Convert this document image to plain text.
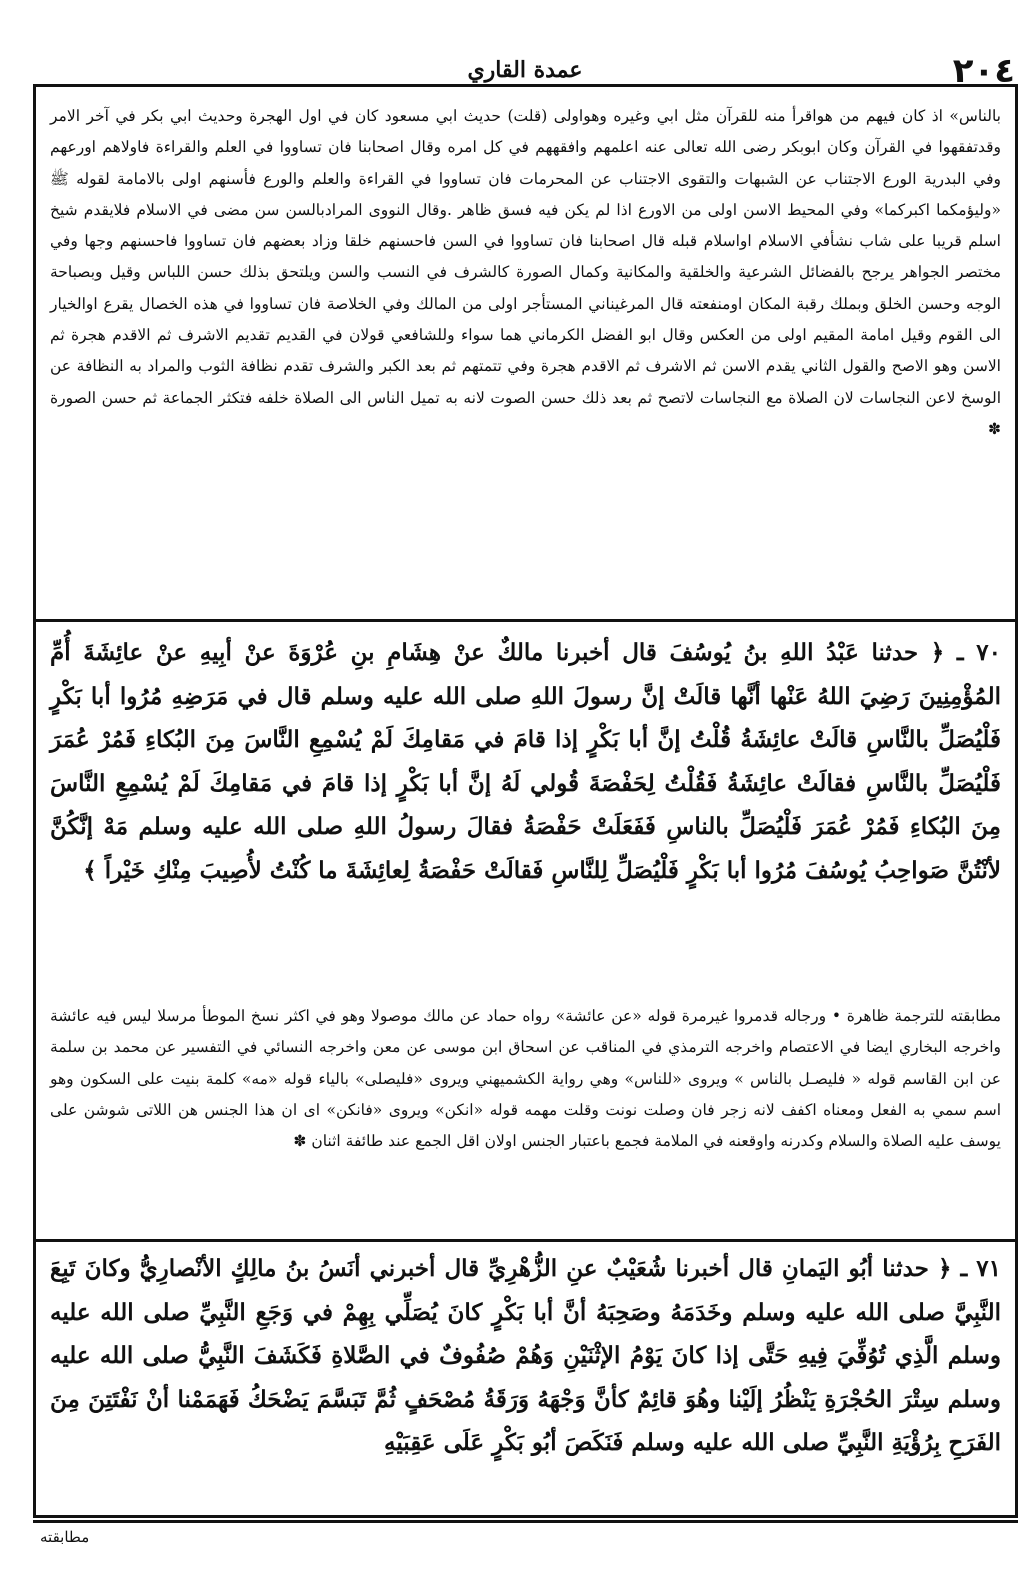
٢٠٤
عمدة القاري

بالناس» اذ كان فيهم من هواقرأ منه للقرآن مثل ابي وغيره وهواولى (قلت) حديث ابي مسعود كان في اول الهجرة وحديث ابي بكر في آخر الامر وقدتفقهوا في القرآن وكان ابوبكر رضى الله تعالى عنه اعلمهم وافقههم في كل امره وقال اصحابنا فان تساووا في العلم والقراءة فاولاهم اورعهم وفي البدرية الورع الاجتناب عن الشبهات والتقوى الاجتناب عن المحرمات فان تساووا في القراءة والعلم والورع فأسنهم اولى بالامامة لقوله ﷺ «وليؤمكما اكبركما» وفي المحيط الاسن اولى من الاورع اذا لم يكن فيه فسق ظاهر .وقال النووى المرادبالسن سن مضى في الاسلام فلايقدم شيخ اسلم قريبا على شاب نشأفي الاسلام اواسلام قبله قال اصحابنا فان تساووا في السن فاحسنهم خلقا وزاد بعضهم فان تساووا فاحسنهم وجها وفي مختصر الجواهر يرجح بالفضائل الشرعية والخلقية والمكانية وكمال الصورة كالشرف في النسب والسن ويلتحق بذلك حسن اللباس وقيل وبصباحة الوجه وحسن الخلق وبملك رقبة المكان اومنفعته قال المرغيناني المستأجر اولى من المالك وفي الخلاصة فان تساووا في هذه الخصال يقرع اوالخيار الى القوم وقيل امامة المقيم اولى من العكس وقال ابو الفضل الكرماني هما سواء وللشافعي قولان في القديم تقديم الاشرف ثم الاقدم هجرة ثم الاسن وهو الاصح والقول الثاني يقدم الاسن ثم الاشرف ثم الاقدم هجرة وفي تتمتهم ثم بعد الكبر والشرف تقدم نظافة الثوب والمراد به النظافة عن الوسخ لاعن النجاسات لان الصلاة مع النجاسات لاتصح ثم بعد ذلك حسن الصوت لانه به تميل الناس الى الصلاة خلفه فتكثر الجماعة ثم حسن الصورة ✽

٧٠ ـ ﴿ حدثنا عَبْدُ اللهِ بنُ يُوسُفَ قال أخبرنا مالكٌ عنْ هِشَامِ بنِ عُرْوَةَ عنْ أبِيهِ عنْ عائِشَةَ أُمِّ المُؤْمِنِينَ رَضِيَ اللهُ عَنْها أنَّها قالَتْ إنَّ رسولَ اللهِ صلى الله عليه وسلم قال في مَرَضِهِ مُرُوا أبا بَكْرٍ فَلْيُصَلِّ بالنَّاسِ قالَتْ عائِشَةُ قُلْتُ إنَّ أبا بَكْرٍ إذا قامَ في مَقامِكَ لَمْ يُسْمِعِ النَّاسَ مِنَ البُكاءِ فَمُرْ عُمَرَ فَلْيُصَلِّ بالنَّاسِ فقالَتْ عائِشَةُ فَقُلْتُ لِحَفْصَةَ قُولي لَهُ إنَّ أبا بَكْرٍ إذا قامَ في مَقامِكَ لَمْ يُسْمِعِ النَّاسَ مِنَ البُكاءِ فَمُرْ عُمَرَ فَلْيُصَلِّ بالناسِ فَفَعَلَتْ حَفْصَةُ فقالَ رسولُ اللهِ صلى الله عليه وسلم مَهْ إنَّكُنَّ لأنْتُنَّ صَواحِبُ يُوسُفَ مُرُوا أبا بَكْرٍ فَلْيُصَلِّ لِلنَّاسِ فَقالَتْ حَفْصَةُ لِعائِشَةَ ما كُنْتُ لأُصِيبَ مِنْكِ خَيْراً ﴾

مطابقته للترجمة ظاهرة • ورجاله قدمروا غيرمرة قوله «عن عائشة» رواه حماد عن مالك موصولا وهو في اكثر نسخ الموطأ مرسلا ليس فيه عائشة واخرجه البخاري ايضا في الاعتصام واخرجه الترمذي في المناقب عن اسحاق ابن موسى عن معن واخرجه النسائي في التفسير عن محمد بن سلمة عن ابن القاسم قوله « فليصـل بالناس » ويروى «للناس» وهي رواية الكشميهني ويروى «فليصلى» بالياء قوله «مه» كلمة بنيت على السكون وهو اسم سمي به الفعل ومعناه اكفف لانه زجر فان وصلت نونت وقلت مهمه قوله «انكن» ويروى «فانكن» اى ان هذا الجنس هن اللاتى شوشن على يوسف عليه الصلاة والسلام وكدرنه واوقعنه في الملامة فجمع باعتبار الجنس اولان اقل الجمع عند طائفة اثنان ✽

٧١ ـ ﴿ حدثنا أبُو اليَمانِ قال أخبرنا شُعَيْبٌ عنِ الزُّهْرِيِّ قال أخبرني أنَسُ بنُ مالِكٍ الأنْصارِيُّ وكانَ تَبِعَ النَّبِيَّ صلى الله عليه وسلم وخَدَمَهُ وصَحِبَهُ أنَّ أبا بَكْرٍ كانَ يُصَلِّي بِهِمْ في وَجَعِ النَّبِيِّ صلى الله عليه وسلم الَّذِي تُوُفِّيَ فِيهِ حَتَّى إذا كانَ يَوْمُ الإثْنَيْنِ وَهُمْ صُفُوفٌ في الصَّلاةِ فَكَشَفَ النَّبِيُّ صلى الله عليه وسلم سِتْرَ الحُجْرَةِ يَنْظُرُ إلَيْنا وهُوَ قائِمٌ كأنَّ وَجْهَهُ وَرَقَةُ مُصْحَفٍ ثُمَّ تَبَسَّمَ يَضْحَكُ فَهَمَمْنا أنْ نَفْتَتِنَ مِنَ الفَرَحِ بِرُؤْيَةِ النَّبِيِّ صلى الله عليه وسلم فَنَكَصَ أبُو بَكْرٍ عَلَى عَقِبَيْهِ

مطابقته
